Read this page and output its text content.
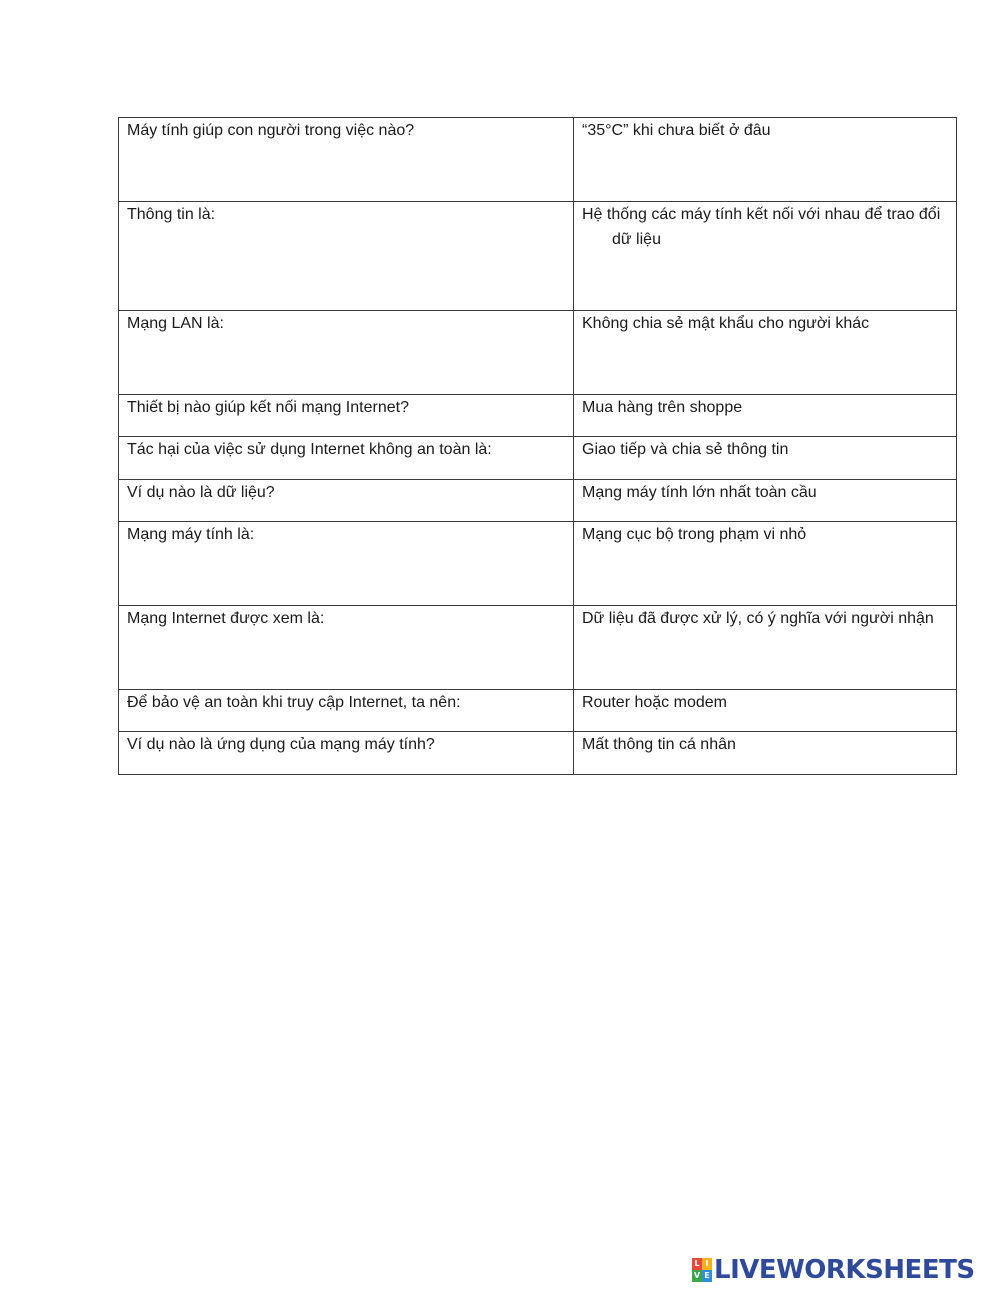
Máy tính giúp con người trong việc nào?	“35°C” khi chưa biết ở đâu

Thông tin là:	Hệ thống các máy tính kết nối với nhau để trao đổi dữ liệu

Mạng LAN là:	Không chia sẻ mật khẩu cho người khác

Thiết bị nào giúp kết nối mạng Internet?	Mua hàng trên shoppe

Tác hại của việc sử dụng Internet không an toàn là:	Giao tiếp và chia sẻ thông tin

Ví dụ nào là dữ liệu?	Mạng máy tính lớn nhất toàn cầu

Mạng máy tính là:	Mạng cục bộ trong phạm vi nhỏ

Mạng Internet được xem là:	Dữ liệu đã được xử lý, có ý nghĩa với người nhận

Để bảo vệ an toàn khi truy cập Internet, ta nên:	Router hoặc modem

Ví dụ nào là ứng dụng của mạng máy tính?	Mất thông tin cá nhân
L I
V E LIVEWORKSHEETS
